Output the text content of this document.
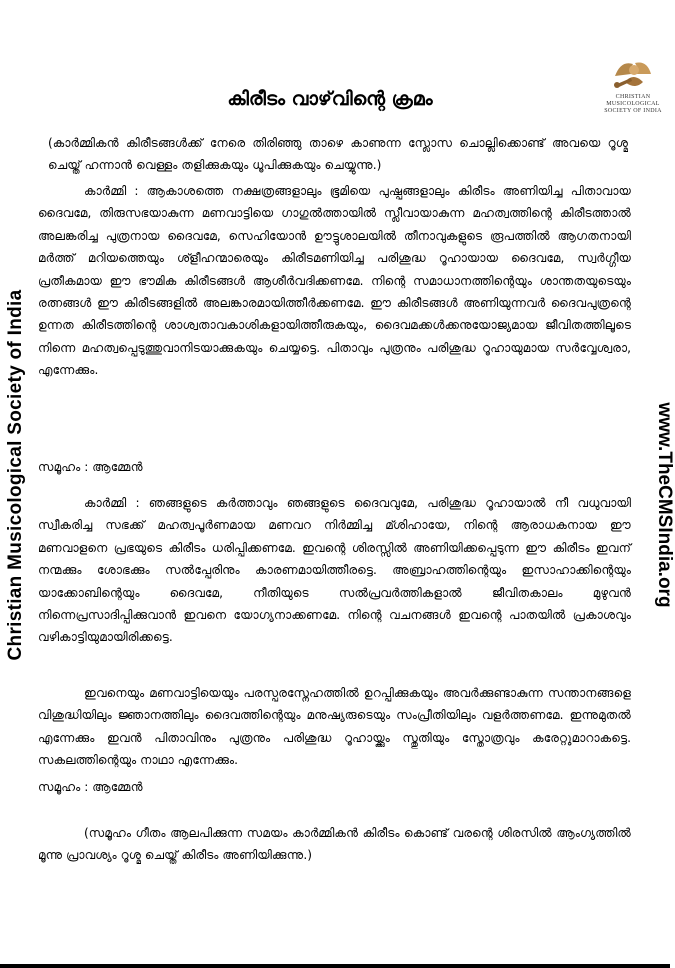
Christian Musicological Society of India	www.TheCMSIndia.org
CHRISTIAN
MUSICOLOGICAL
SOCIETY OF INDIA
കിരീടം വാഴ്‌വിന്റെ ക്രമം
(കാർമ്മികൻ കിരീടങ്ങൾക്ക് നേരെ തിരിഞ്ഞു താഴെ കാണുന്ന സ്ലോസ ചൊല്ലിക്കൊണ്ട് അവയെ റൂശ്മ ചെയ്ത് ഹന്നാൻ വെള്ളം തളിക്കുകയും ധൂപിക്കുകയും ചെയ്യുന്നു.)
കാർമ്മി : ആകാശത്തെ നക്ഷത്രങ്ങളാലും ഭൂമിയെ പുഷ്പങ്ങളാലും കിരീടം അണിയിച്ച പിതാവായ ദൈവമേ, തിരുസഭയാകുന്ന മണവാട്ടിയെ ഗാഗുൽത്തായിൽ സ്ലീവായാകുന്ന മഹത്വത്തിന്റെ കിരീടത്താൽ അലങ്കരിച്ച പുത്രനായ ദൈവമേ, സെഹിയോൻ ഊട്ടുശാലയിൽ തീനാവുകളുടെ രൂപത്തിൽ ആഗതനായി മർത്ത് മറിയത്തെയും ശ്ളീഹന്മാരെയും കിരീടമണിയിച്ച പരിശുദ്ധ റൂഹായായ ദൈവമേ, സ്വർഗ്ഗീയ പ്രതീകമായ ഈ ഭൗമിക കിരീടങ്ങൾ ആശീർവദിക്കണമേ. നിന്റെ സമാധാനത്തിന്റെയും ശാന്തതയുടെയും രത്നങ്ങൾ ഈ കിരീടങ്ങളിൽ അലങ്കാരമായിത്തീർക്കണമേ. ഈ കിരീടങ്ങൾ അണിയുന്നവർ ദൈവപുത്രന്റെ ഉന്നത കിരീടത്തിന്റെ ശാശ്വതാവകാശികളായിത്തീരുകയും, ദൈവമക്കൾക്കനുയോജ്യമായ ജീവിതത്തിലൂടെ നിന്നെ മഹത്വപ്പെടുത്തുവാനിടയാക്കുകയും ചെയ്യട്ടെ. പിതാവും പുത്രനും പരിശുദ്ധ റൂഹായുമായ സർവ്വേശ്വരാ, എന്നേക്കും.
സമൂഹം : ആമ്മേൻ
കാർമ്മി : ഞങ്ങളുടെ കർത്താവും ഞങ്ങളുടെ ദൈവവുമേ, പരിശുദ്ധ റൂഹായാൽ നീ വധുവായി സ്വീകരിച്ച സഭക്ക് മഹത്വപൂർണമായ മണവറ നിർമ്മിച്ച മ്ശിഹായേ, നിന്റെ ആരാധകനായ ഈ മണവാളനെ പ്രഭയുടെ കിരീടം ധരിപ്പിക്കണമേ. ഇവന്റെ ശിരസ്സിൽ അണിയിക്കപ്പെടുന്ന ഈ കിരീടം ഇവന് നന്മക്കും ശോഭക്കും സൽപ്പേരിനും കാരണമായിത്തീരട്ടെ. അബ്രാഹത്തിന്റെയും ഇസാഹാക്കിന്റെയും യാക്കോബിന്റെയും ദൈവമേ, നീതിയുടെ സൽപ്രവർത്തികളാൽ ജീവിതകാലം മുഴുവൻ നിന്നെപ്രസാദിപ്പിക്കുവാൻ ഇവനെ യോഗ്യനാക്കണമേ. നിന്റെ വചനങ്ങൾ ഇവന്റെ പാതയിൽ പ്രകാശവും വഴികാട്ടിയുമായിരിക്കട്ടെ.
ഇവനെയും മണവാട്ടിയെയും പരസ്പരസ്നേഹത്തിൽ ഉറപ്പിക്കുകയും അവർക്കുണ്ടാകുന്ന സന്താനങ്ങളെ വിശുദ്ധിയിലും ജ്ഞാനത്തിലും ദൈവത്തിന്റെയും മനുഷ്യരുടെയും സംപ്രീതിയിലും വളർത്തണമേ. ഇന്നുമുതൽ എന്നേക്കും ഇവൻ പിതാവിനും പുത്രനും പരിശുദ്ധ റൂഹായ്ക്കും സ്തുതിയും സ്തോത്രവും കരേറ്റുമാറാകട്ടെ. സകലത്തിന്റെയും നാഥാ എന്നേക്കും.
സമൂഹം : ആമ്മേൻ
(സമൂഹം ഗീതം ആലപിക്കുന്ന സമയം കാർമ്മികൻ കിരീടം കൊണ്ട് വരന്റെ ശിരസിൽ ആംഗ്യത്തിൽ മൂന്നു പ്രാവശ്യം റൂശ്മ ചെയ്ത് കിരീടം അണിയിക്കുന്നു.)
